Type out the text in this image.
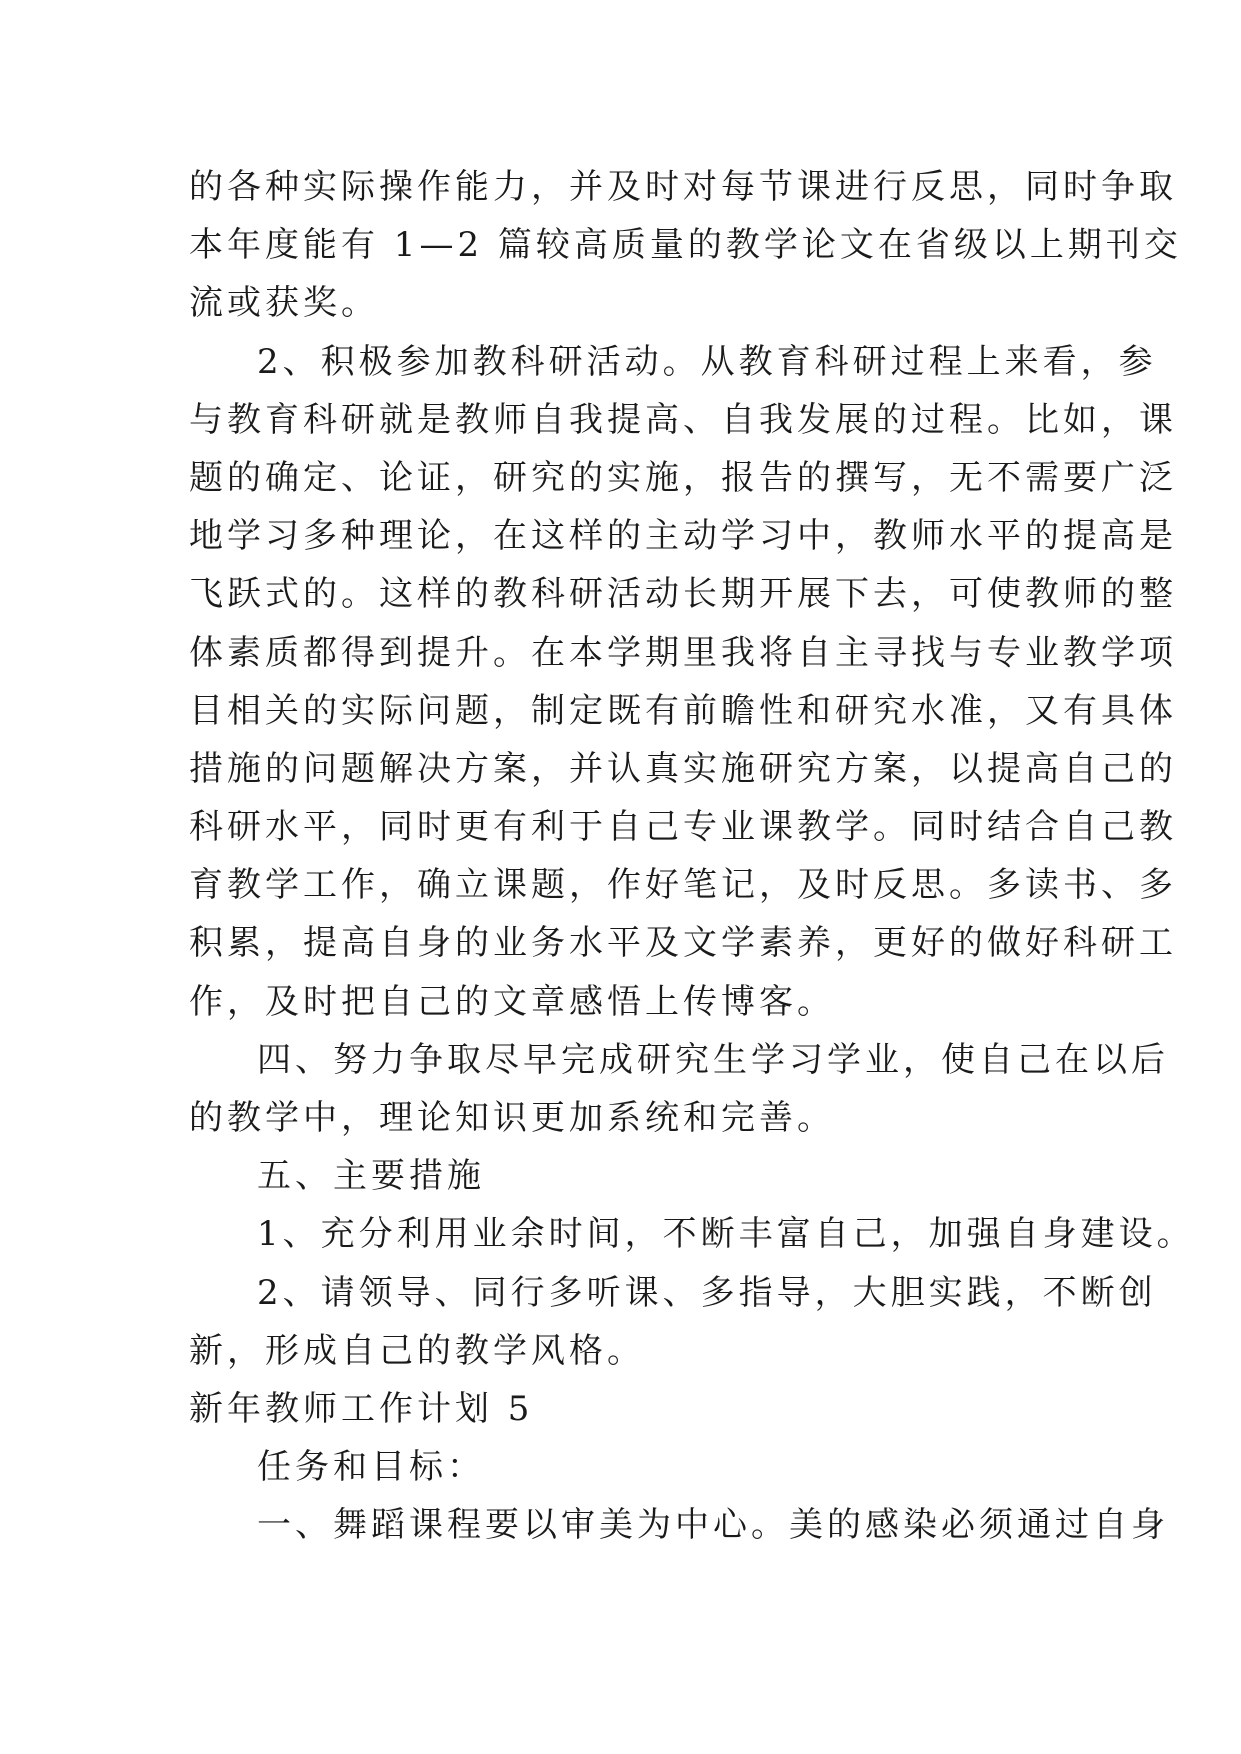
的各种实际操作能力，并及时对每节课进行反思，同时争取
本年度能有 1—2 篇较高质量的教学论文在省级以上期刊交
流或获奖。
2、积极参加教科研活动。从教育科研过程上来看，参
与教育科研就是教师自我提高、自我发展的过程。比如，课
题的确定、论证，研究的实施，报告的撰写，无不需要广泛
地学习多种理论，在这样的主动学习中，教师水平的提高是
飞跃式的。这样的教科研活动长期开展下去，可使教师的整
体素质都得到提升。在本学期里我将自主寻找与专业教学项
目相关的实际问题，制定既有前瞻性和研究水准，又有具体
措施的问题解决方案，并认真实施研究方案，以提高自己的
科研水平，同时更有利于自己专业课教学。同时结合自己教
育教学工作，确立课题，作好笔记，及时反思。多读书、多
积累，提高自身的业务水平及文学素养，更好的做好科研工
作，及时把自己的文章感悟上传博客。
四、努力争取尽早完成研究生学习学业，使自己在以后
的教学中，理论知识更加系统和完善。
五、主要措施
1、充分利用业余时间，不断丰富自己，加强自身建设。
2、请领导、同行多听课、多指导，大胆实践，不断创
新，形成自己的教学风格。
新年教师工作计划 5
任务和目标：
一、舞蹈课程要以审美为中心。美的感染必须通过自身
